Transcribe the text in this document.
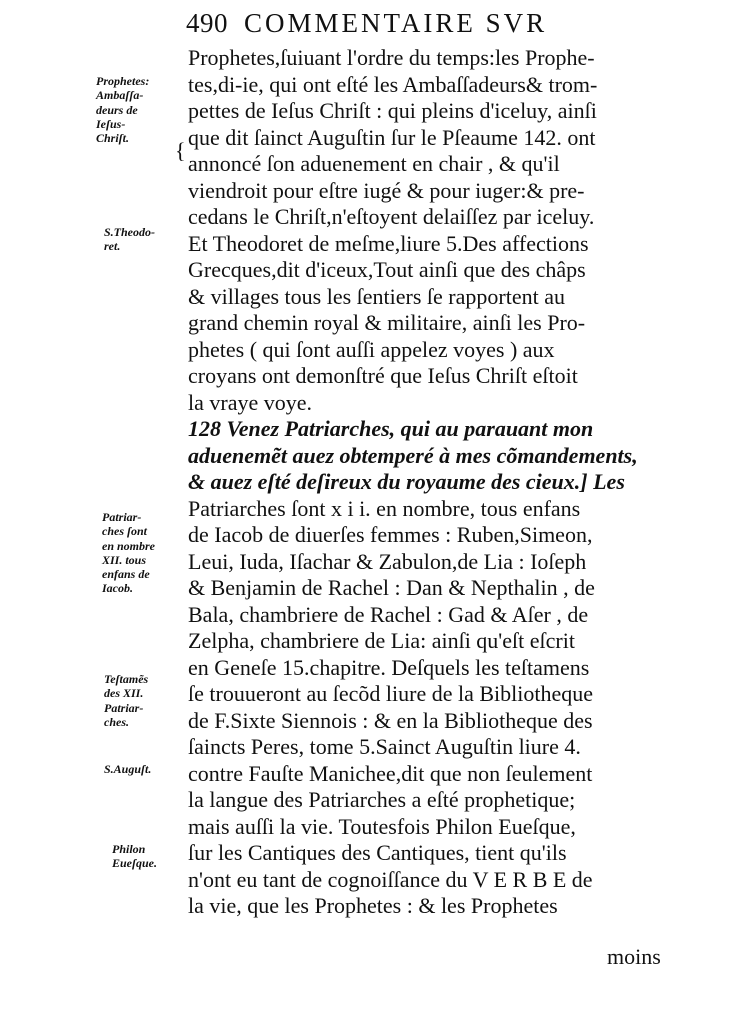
490 COMMENTAIRE SVR
Prophetes,ſuiuant l'ordre du temps:les Prophe-
tes,di-ie, qui ont eſté les Ambaſſadeurs& trom-
pettes de Ieſus Chriſt : qui pleins d'iceluy, ainſi
que dit ſainct Auguſtin ſur le Pſeaume 142. ont
annoncé ſon aduenement en chair , & qu'il
viendroit pour eſtre iugé & pour iuger:& pre-
cedans le Chriſt,n'eſtoyent delaiſſez par iceluy.
Et Theodoret de meſme,liure 5.Des affections
Grecques,dit d'iceux,Tout ainſi que des châps
& villages tous les ſentiers ſe rapportent au
grand chemin royal & militaire, ainſi les Pro-
phetes ( qui ſont auſſi appelez voyes ) aux
croyans ont demonſtré que Ieſus Chriſt eſtoit
la vraye voye.
128 Venez Patriarches, qui au parauant mon
aduenemẽt auez obtemperé à mes cõmandements,
& auez eſté deſireux du royaume des cieux.] Les
Patriarches ſont x i i. en nombre, tous enfans
de Iacob de diuerſes femmes : Ruben,Simeon,
Leui, Iuda, Iſachar & Zabulon,de Lia : Ioſeph
& Benjamin de Rachel : Dan & Nepthalin , de
Bala, chambriere de Rachel : Gad & Aſer , de
Zelpha, chambriere de Lia: ainſi qu'eſt eſcrit
en Geneſe 15.chapitre. Deſquels les teſtamens
ſe trouueront au ſecõd liure de la Bibliotheque
de F.Sixte Siennois : & en la Bibliotheque des
ſaincts Peres, tome 5.Sainct Auguſtin liure 4.
contre Fauſte Manichee,dit que non ſeulement
la langue des Patriarches a eſté prophetique;
mais auſſi la vie. Toutesfois Philon Eueſque,
ſur les Cantiques des Cantiques, tient qu'ils
n'ont eu tant de cognoiſſance du V E R B E de
la vie, que les Prophetes : & les Prophetes
moins
{
Prophetes:
Ambaſſa-
deurs de
Ieſus-
Chriſt.
S.Theodo-
ret.
Patriar-
ches ſont
en nombre
XII. tous
enfans de
Iacob.
Teſtamẽs
des XII.
Patriar-
ches.
S.Auguſt.
Philon
Eueſque.
